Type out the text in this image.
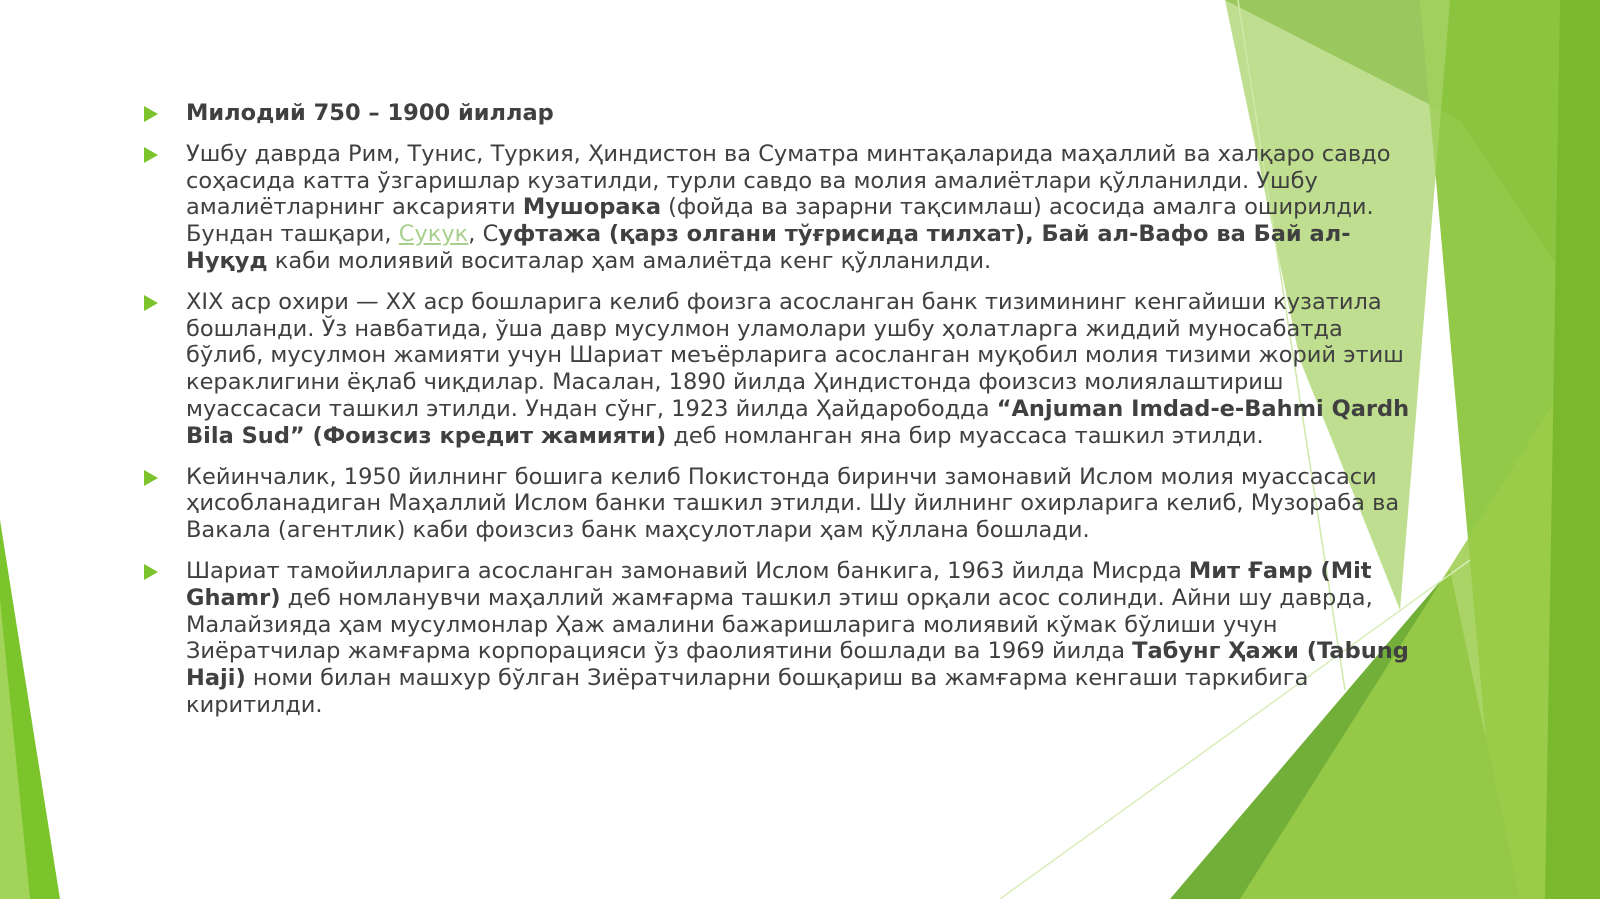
Милодий 750 – 1900 йиллар
Ушбу даврда Рим, Тунис, Туркия, Ҳиндистон ва Суматра минтақаларида маҳаллий ва халқаро савдо соҳасида катта ўзгаришлар кузатилди, турли савдо ва молия амалиётлари қўлланилди. Ушбу амалиётларнинг аксарияти Мушорака (фойда ва зарарни тақсимлаш) асосида амалга оширилди. Бундан ташқари, Сукук, Суфтажа (қарз олгани тўғрисида тилхат), Бай ал-Вафо ва Бай ал-Нуқуд каби молиявий воситалар ҳам амалиётда кенг қўлланилди.
XIX аср охири — XX аср бошларига келиб фоизга асосланган банк тизимининг кенгайиши кузатила бошланди. Ўз навбатида, ўша давр мусулмон уламолари ушбу ҳолатларга жиддий муносабатда бўлиб, мусулмон жамияти учун Шариат меъёрларига асосланган муқобил молия тизими жорий этиш кераклигини ёқлаб чиқдилар. Масалан, 1890 йилда Ҳиндистонда фоизсиз молиялаштириш муассасаси ташкил этилди. Ундан сўнг, 1923 йилда Ҳайдарободда “Anjuman Imdad-e-Bahmi Qardh Bila Sud” (Фоизсиз кредит жамияти) деб номланган яна бир муассаса ташкил этилди.
Кейинчалик, 1950 йилнинг бошига келиб Покистонда биринчи замонавий Ислом молия муассасаси ҳисобланадиган Маҳаллий Ислом банки ташкил этилди. Шу йилнинг охирларига келиб, Музораба ва Вакала (агентлик) каби фоизсиз банк маҳсулотлари ҳам қўллана бошлади.
Шариат тамойилларига асосланган замонавий Ислом банкига, 1963 йилда Мисрда Мит Ғамр (Mit Ghamr) деб номланувчи маҳаллий жамғарма ташкил этиш орқали асос солинди. Айни шу даврда, Малайзияда ҳам мусулмонлар Ҳаж амалини бажаришларига молиявий кўмак бўлиши учун Зиёратчилар жамғарма корпорацияси ўз фаолиятини бошлади ва 1969 йилда Табунг Ҳажи (Tabung Haji) номи билан машхур бўлган Зиёратчиларни бошқариш ва жамғарма кенгаши таркибига киритилди.
